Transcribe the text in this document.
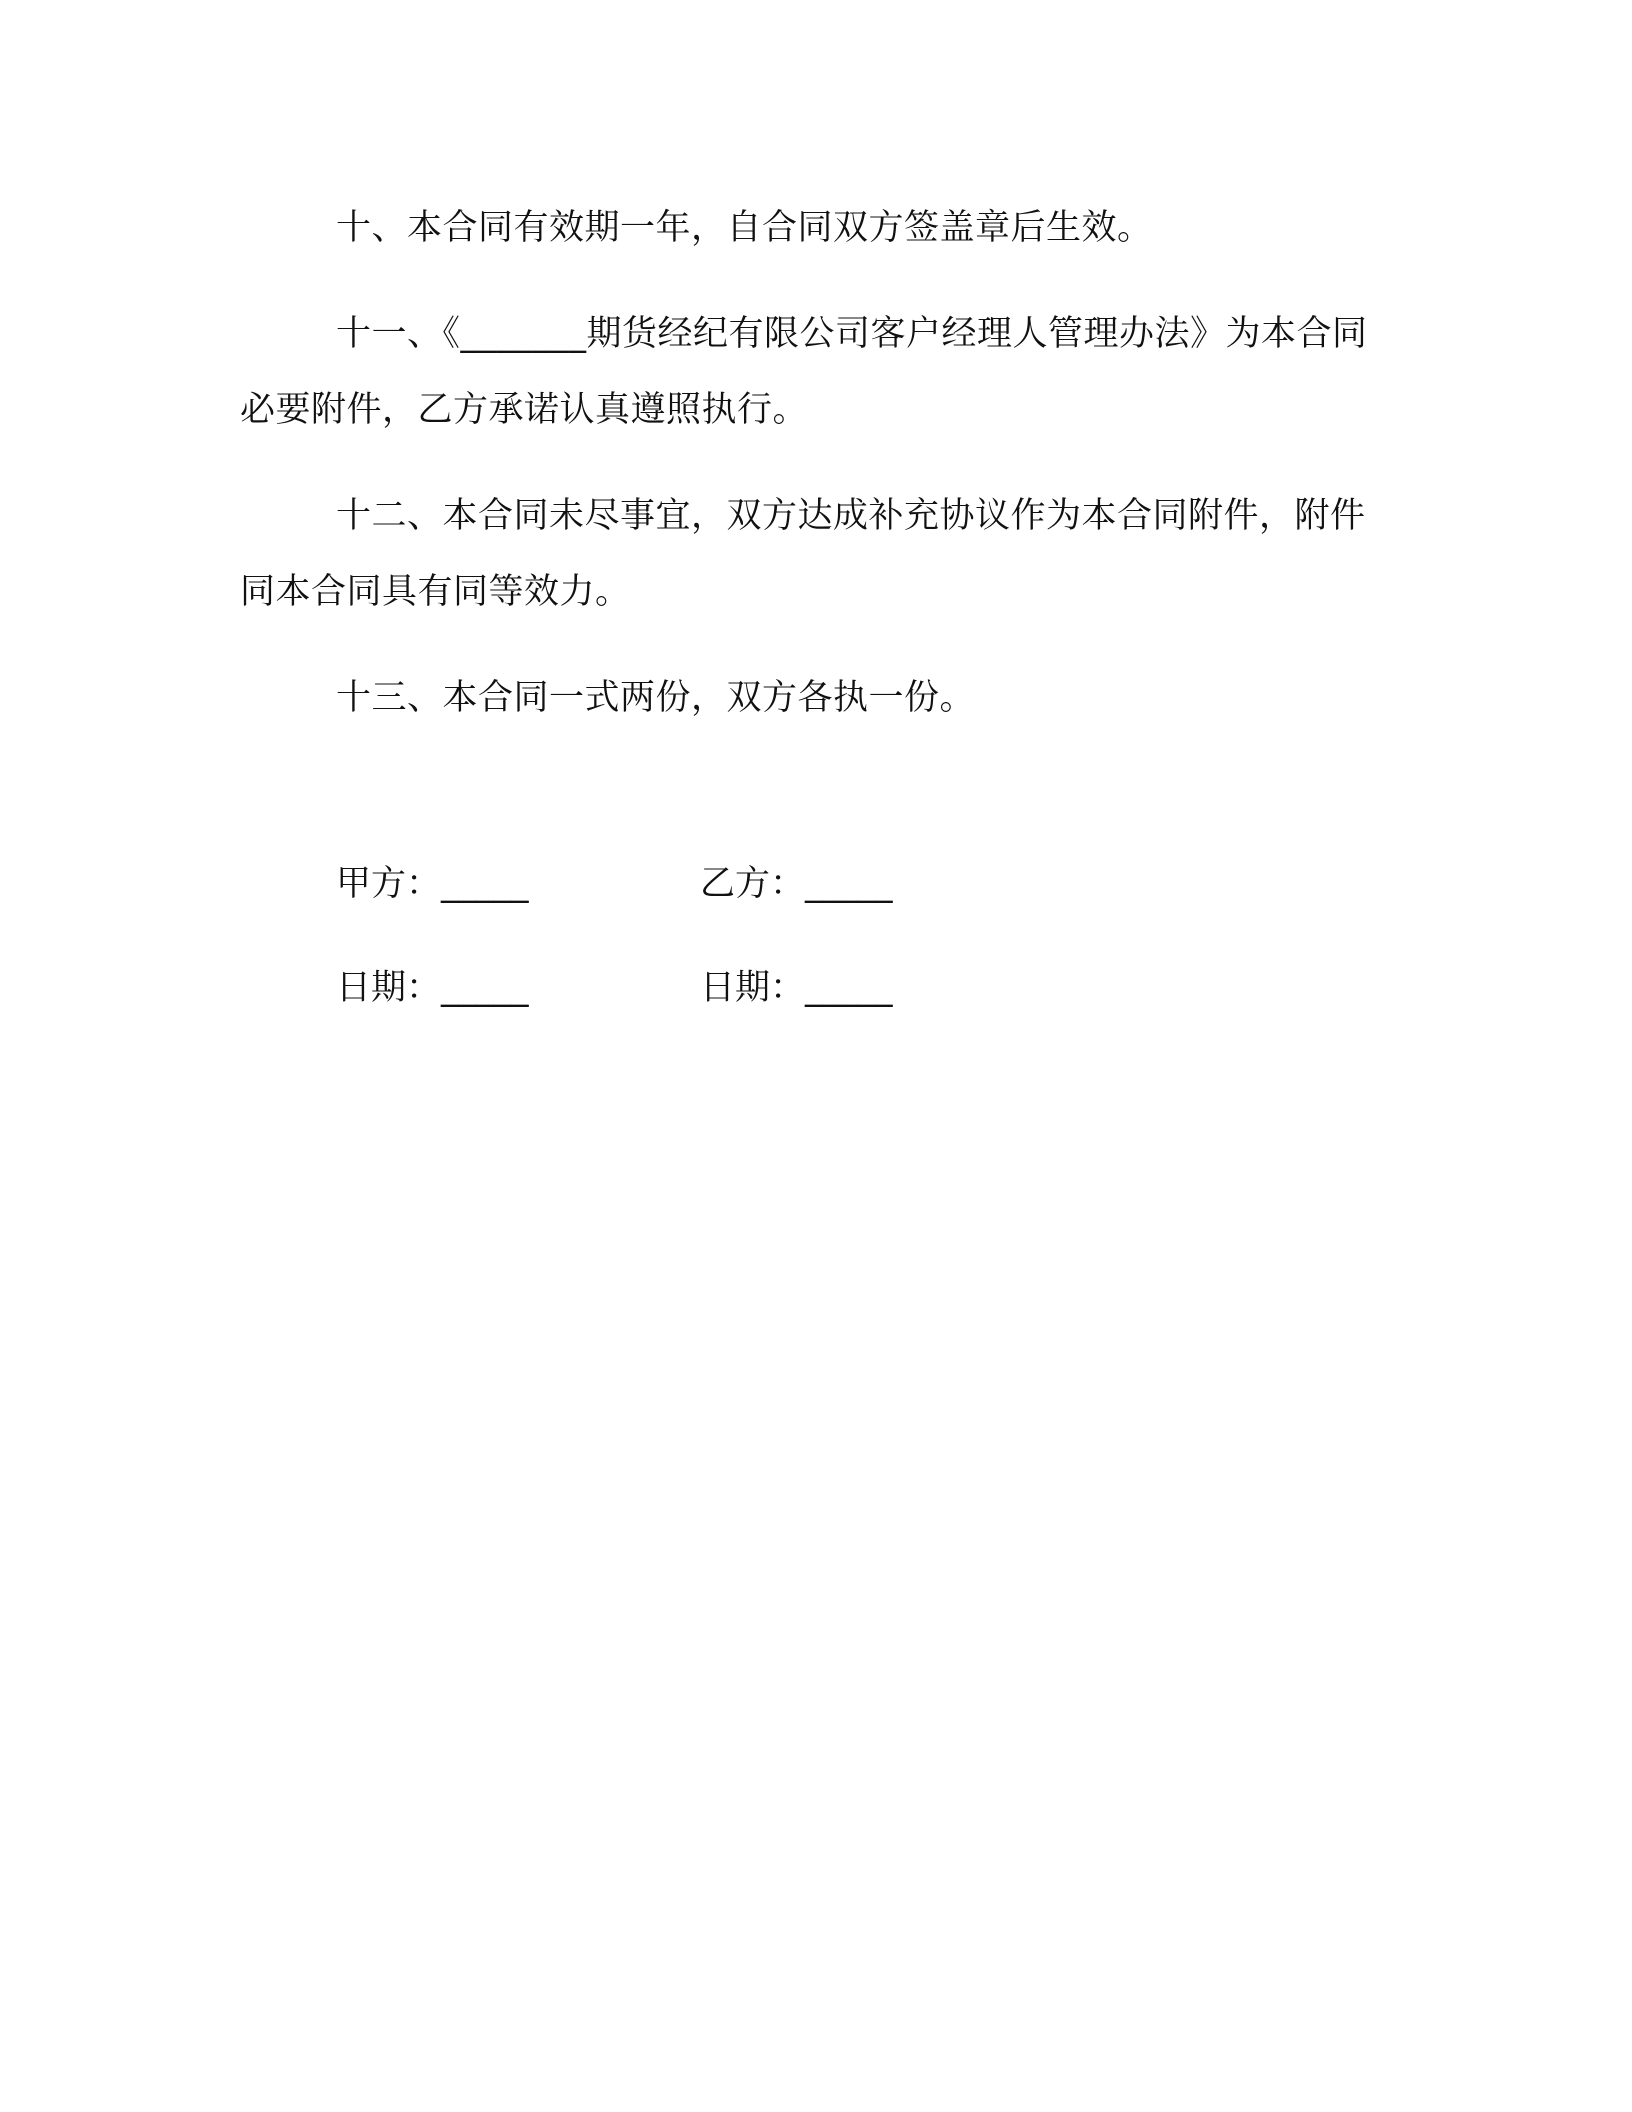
十、本合同有效期一年，自合同双方签盖章后生效。

十一、《_______期货经纪有限公司客户经理人管理办法》为本合同必要附件，乙方承诺认真遵照执行。

十二、本合同未尽事宜，双方达成补充协议作为本合同附件，附件同本合同具有同等效力。

十三、本合同一式两份，双方各执一份。

甲方：_____	乙方：_____
日期：_____	日期：_____
